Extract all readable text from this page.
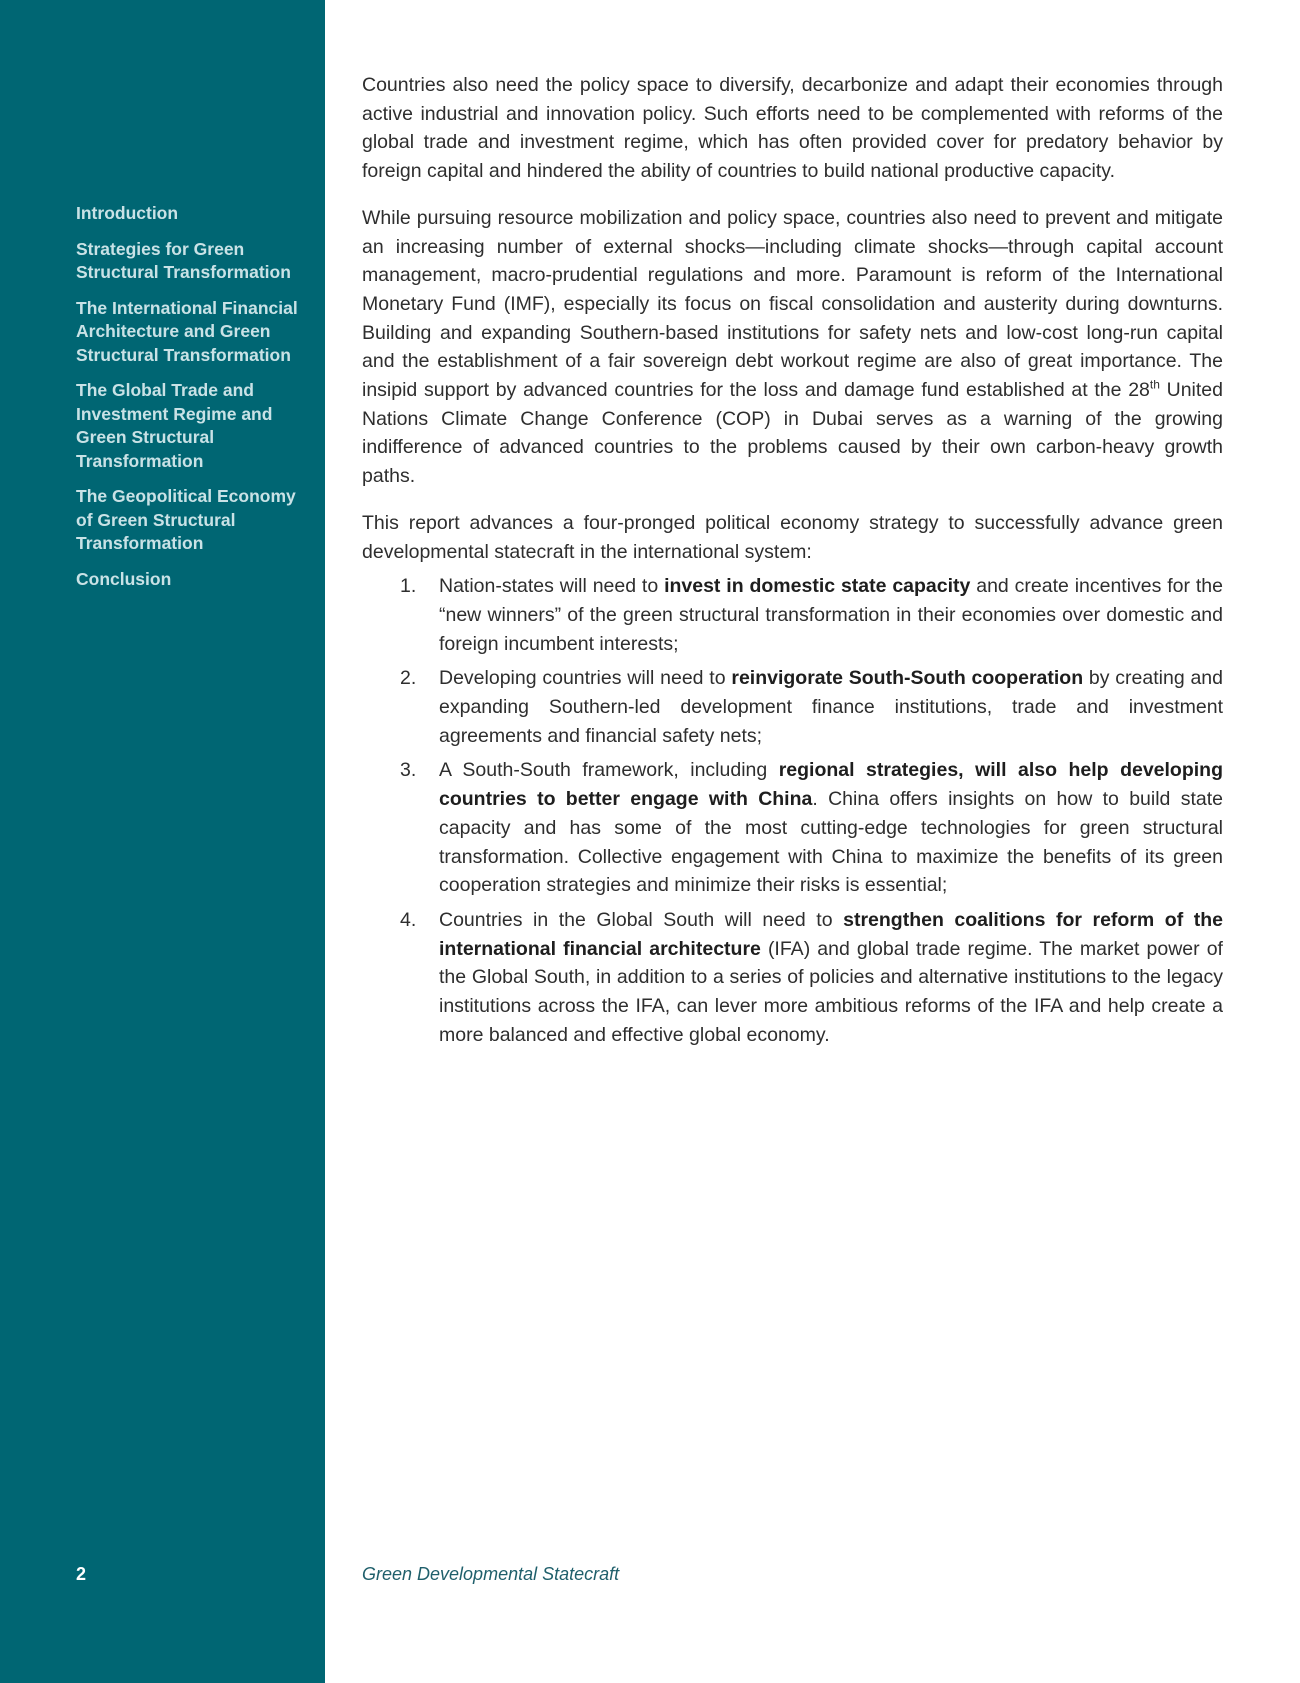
Introduction
Strategies for Green Structural Transformation
The International Financial Architecture and Green Structural Transformation
The Global Trade and Investment Regime and Green Structural Transformation
The Geopolitical Economy of Green Structural Transformation
Conclusion
2

Countries also need the policy space to diversify, decarbonize and adapt their economies through active industrial and innovation policy. Such efforts need to be complemented with reforms of the global trade and investment regime, which has often provided cover for predatory behavior by foreign capital and hindered the ability of countries to build national productive capacity.

While pursuing resource mobilization and policy space, countries also need to prevent and mitigate an increasing number of external shocks—including climate shocks—through capital account management, macro-prudential regulations and more. Paramount is reform of the International Monetary Fund (IMF), especially its focus on fiscal consolidation and austerity during downturns. Building and expanding Southern-based institutions for safety nets and low-cost long-run capital and the establishment of a fair sovereign debt workout regime are also of great importance. The insipid support by advanced countries for the loss and damage fund established at the 28th United Nations Climate Change Conference (COP) in Dubai serves as a warning of the growing indifference of advanced countries to the problems caused by their own carbon-heavy growth paths.

This report advances a four-pronged political economy strategy to successfully advance green developmental statecraft in the international system:

1. Nation-states will need to invest in domestic state capacity and create incentives for the “new winners” of the green structural transformation in their economies over domestic and foreign incumbent interests;
2. Developing countries will need to reinvigorate South-South cooperation by creating and expanding Southern-led development finance institutions, trade and investment agreements and financial safety nets;
3. A South-South framework, including regional strategies, will also help developing countries to better engage with China. China offers insights on how to build state capacity and has some of the most cutting-edge technologies for green structural transformation. Collective engagement with China to maximize the benefits of its green cooperation strategies and minimize their risks is essential;
4. Countries in the Global South will need to strengthen coalitions for reform of the international financial architecture (IFA) and global trade regime. The market power of the Global South, in addition to a series of policies and alternative institutions to the legacy institutions across the IFA, can lever more ambitious reforms of the IFA and help create a more balanced and effective global economy.
Green Developmental Statecraft
